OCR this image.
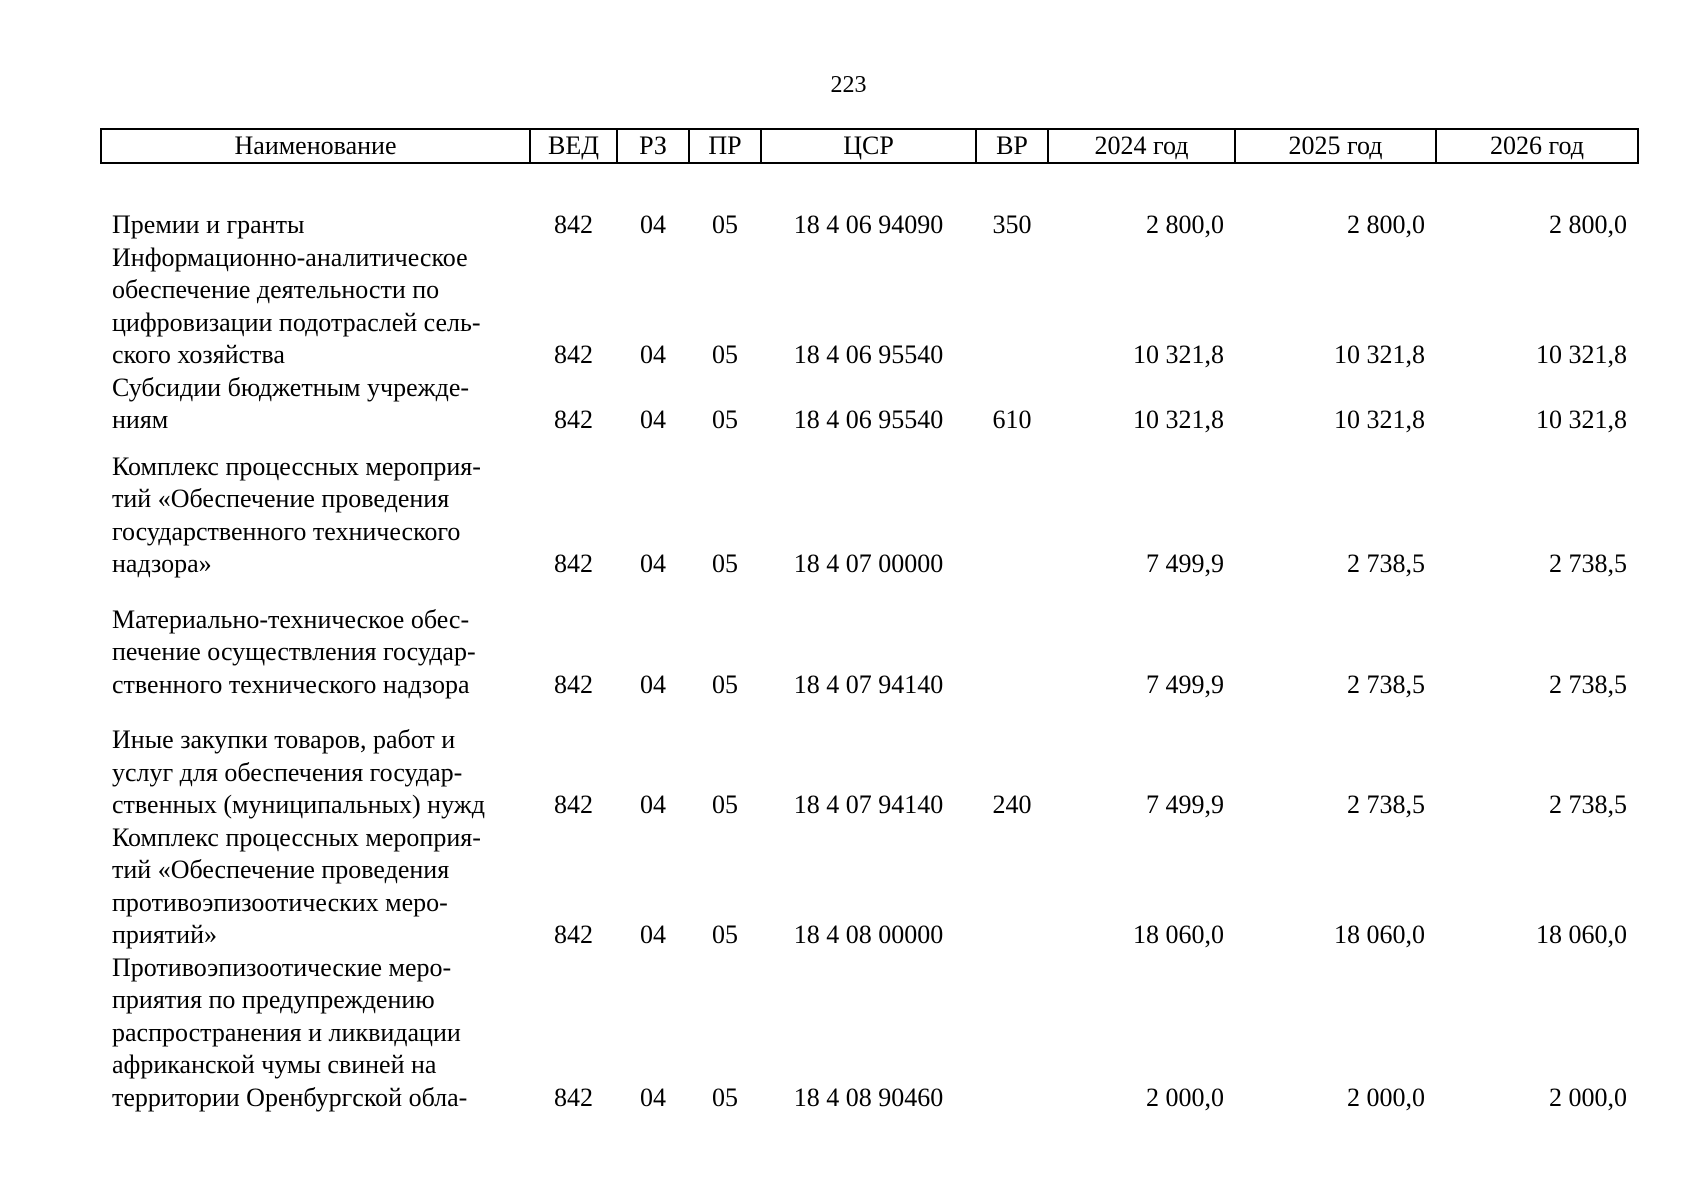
223
Наименование	ВЕД	РЗ	ПР	ЦСР	ВР	2024 год	2025 год	2026 год

Премии и гранты	842	04	05	18 4 06 94090	350	2 800,0	2 800,0	2 800,0
Информационно-аналитическое
обеспечение деятельности по
цифровизации подотраслей сель-
ского хозяйства	842	04	05	18 4 06 95540		10 321,8	10 321,8	10 321,8
Субсидии бюджетным учрежде-
ниям	842	04	05	18 4 06 95540	610	10 321,8	10 321,8	10 321,8

Комплекс процессных мероприя-
тий «Обеспечение проведения
государственного технического
надзора»	842	04	05	18 4 07 00000		7 499,9	2 738,5	2 738,5

Материально-техническое обес-
печение осуществления государ-
ственного технического надзора	842	04	05	18 4 07 94140		7 499,9	2 738,5	2 738,5

Иные закупки товаров, работ и
услуг для обеспечения государ-
ственных (муниципальных) нужд	842	04	05	18 4 07 94140	240	7 499,9	2 738,5	2 738,5
Комплекс процессных мероприя-
тий «Обеспечение проведения
противоэпизоотических меро-
приятий»	842	04	05	18 4 08 00000		18 060,0	18 060,0	18 060,0
Противоэпизоотические меро-
приятия по предупреждению
распространения и ликвидации
африканской чумы свиней на
территории Оренбургской обла-	842	04	05	18 4 08 90460		2 000,0	2 000,0	2 000,0
